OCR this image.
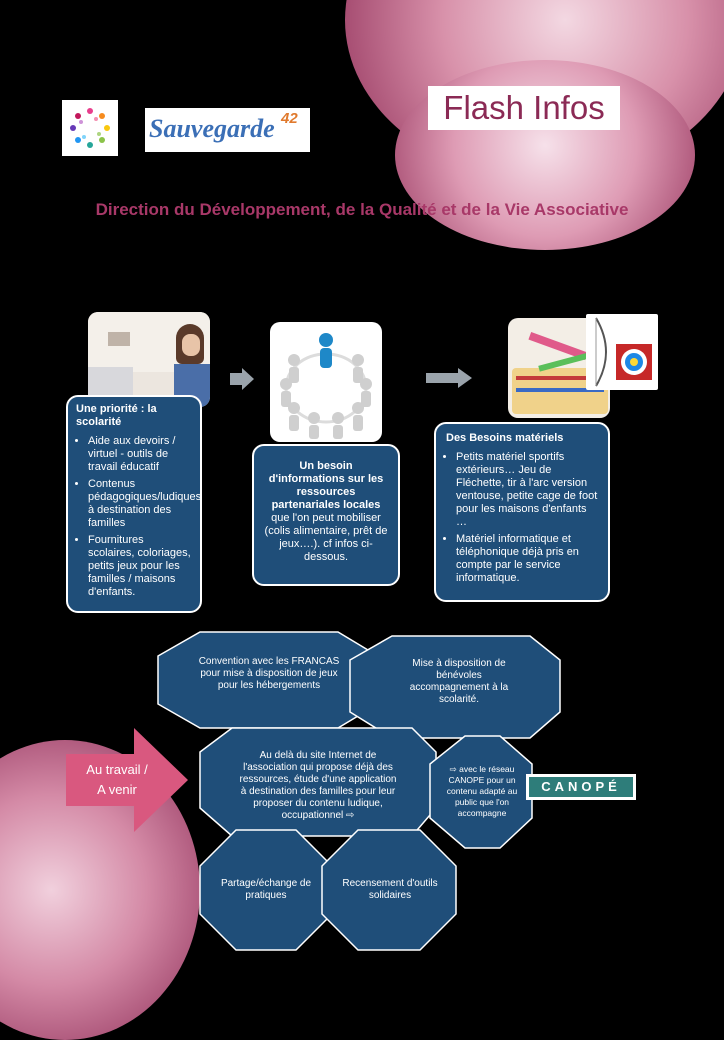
Sauvegarde 42	Flash Infos
Direction du Développement, de la Qualité et de la Vie Associative
Une priorité : la scolarité
• Aide aux devoirs / virtuel - outils de travail éducatif
• Contenus pédagogiques/ludiques à destination des familles
• Fournitures scolaires, coloriages, petits jeux pour les familles / maisons d'enfants.
Un besoin d'informations sur les ressources partenariales locales
que l'on peut mobiliser (colis alimentaire, prêt de jeux….). cf infos ci-dessous.
Des Besoins matériels
• Petits matériel sportifs extérieurs… Jeu de Fléchette, tir à l'arc version ventouse, petite cage de foot pour les maisons d'enfants …
• Matériel informatique et téléphonique déjà pris en compte par le service informatique.
Convention avec les FRANCAS pour mise à disposition de jeux pour les hébergements
Mise à disposition de bénévoles accompagnement à la scolarité.
Au delà du site Internet de l'association qui propose déjà des ressources, étude d'une application à destination des familles pour leur proposer du contenu ludique, occupationnel ⇨
⇨ avec le réseau CANOPE pour un contenu adapté au public que l'on accompagne
Partage/échange de pratiques
Recensement d'outils solidaires
Au travail /
A venir	CANOPÉ
